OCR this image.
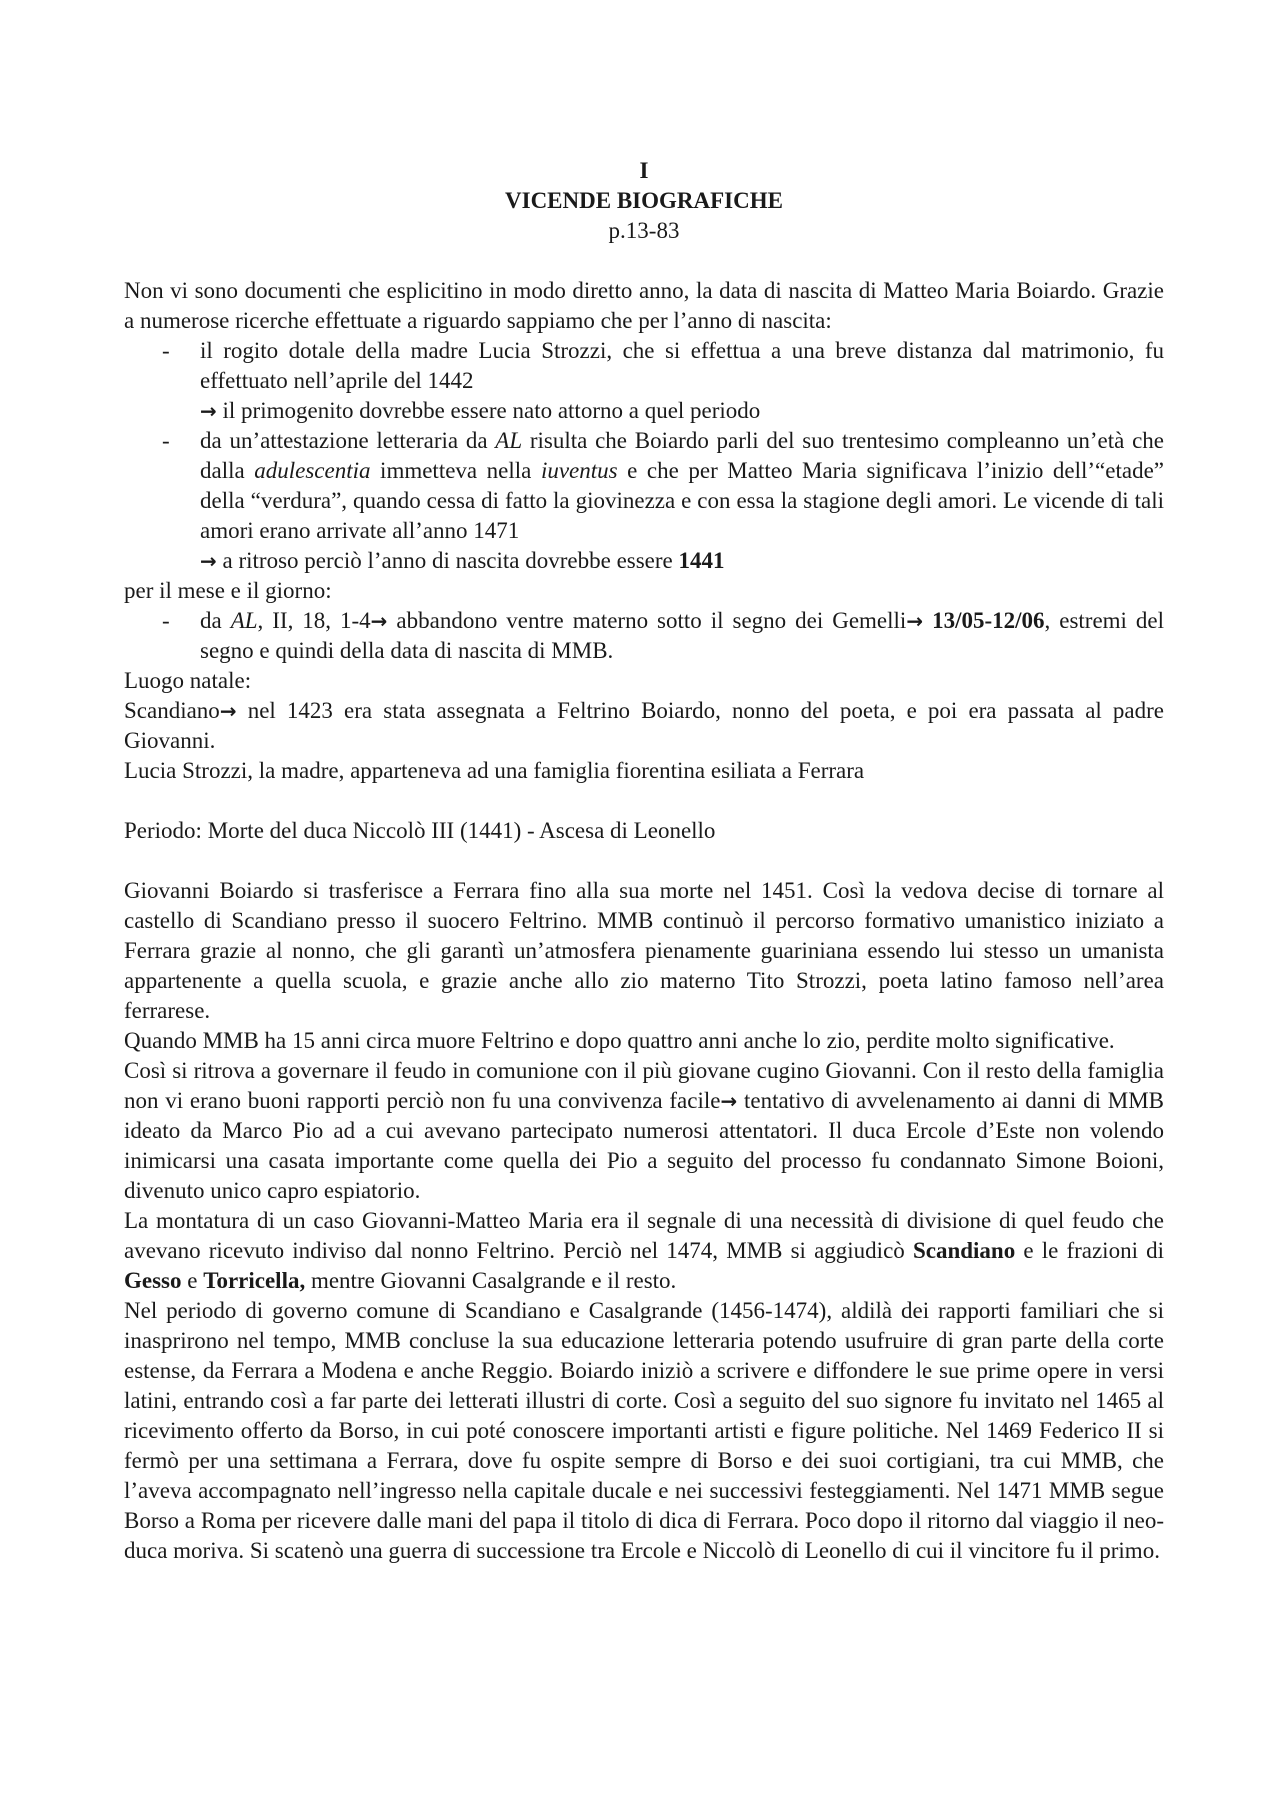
I
VICENDE BIOGRAFICHE
p.13-83

Non vi sono documenti che esplicitino in modo diretto anno, la data di nascita di Matteo Maria Boiardo. Grazie a numerose ricerche effettuate a riguardo sappiamo che per l’anno di nascita:

- il rogito dotale della madre Lucia Strozzi, che si effettua a una breve distanza dal matrimonio, fu effettuato nell’aprile del 1442
→ il primogenito dovrebbe essere nato attorno a quel periodo
- da un’attestazione letteraria da AL risulta che Boiardo parli del suo trentesimo compleanno un’età che dalla adulescentia immetteva nella iuventus e che per Matteo Maria significava l’inizio dell’“etade” della “verdura”, quando cessa di fatto la giovinezza e con essa la stagione degli amori. Le vicende di tali amori erano arrivate all’anno 1471
→ a ritroso perciò l’anno di nascita dovrebbe essere 1441

per il mese e il giorno:

- da AL, II, 18, 1-4→ abbandono ventre materno sotto il segno dei Gemelli→ 13/05-12/06, estremi del segno e quindi della data di nascita di MMB.

Luogo natale:

Scandiano→ nel 1423 era stata assegnata a Feltrino Boiardo, nonno del poeta, e poi era passata al padre Giovanni.

Lucia Strozzi, la madre, apparteneva ad una famiglia fiorentina esiliata a Ferrara

Periodo: Morte del duca Niccolò III (1441) - Ascesa di Leonello

Giovanni Boiardo si trasferisce a Ferrara fino alla sua morte nel 1451. Così la vedova decise di tornare al castello di Scandiano presso il suocero Feltrino. MMB continuò il percorso formativo umanistico iniziato a Ferrara grazie al nonno, che gli garantì un’atmosfera pienamente guariniana essendo lui stesso un umanista appartenente a quella scuola, e grazie anche allo zio materno Tito Strozzi, poeta latino famoso nell’area ferrarese.

Quando MMB ha 15 anni circa muore Feltrino e dopo quattro anni anche lo zio, perdite molto significative.

Così si ritrova a governare il feudo in comunione con il più giovane cugino Giovanni. Con il resto della famiglia non vi erano buoni rapporti perciò non fu una convivenza facile→ tentativo di avvelenamento ai danni di MMB ideato da Marco Pio ad a cui avevano partecipato numerosi attentatori. Il duca Ercole d’Este non volendo inimicarsi una casata importante come quella dei Pio a seguito del processo fu condannato Simone Boioni, divenuto unico capro espiatorio.

La montatura di un caso Giovanni-Matteo Maria era il segnale di una necessità di divisione di quel feudo che avevano ricevuto indiviso dal nonno Feltrino. Perciò nel 1474, MMB si aggiudicò Scandiano e le frazioni di Gesso e Torricella, mentre Giovanni Casalgrande e il resto.

Nel periodo di governo comune di Scandiano e Casalgrande (1456-1474), aldilà dei rapporti familiari che si inasprirono nel tempo, MMB concluse la sua educazione letteraria potendo usufruire di gran parte della corte estense, da Ferrara a Modena e anche Reggio. Boiardo iniziò a scrivere e diffondere le sue prime opere in versi latini, entrando così a far parte dei letterati illustri di corte. Così a seguito del suo signore fu invitato nel 1465 al ricevimento offerto da Borso, in cui poté conoscere importanti artisti e figure politiche. Nel 1469 Federico II si fermò per una settimana a Ferrara, dove fu ospite sempre di Borso e dei suoi cortigiani, tra cui MMB, che l’aveva accompagnato nell’ingresso nella capitale ducale e nei successivi festeggiamenti. Nel 1471 MMB segue Borso a Roma per ricevere dalle mani del papa il titolo di dica di Ferrara. Poco dopo il ritorno dal viaggio il neo-duca moriva. Si scatenò una guerra di successione tra Ercole e Niccolò di Leonello di cui il vincitore fu il primo.
